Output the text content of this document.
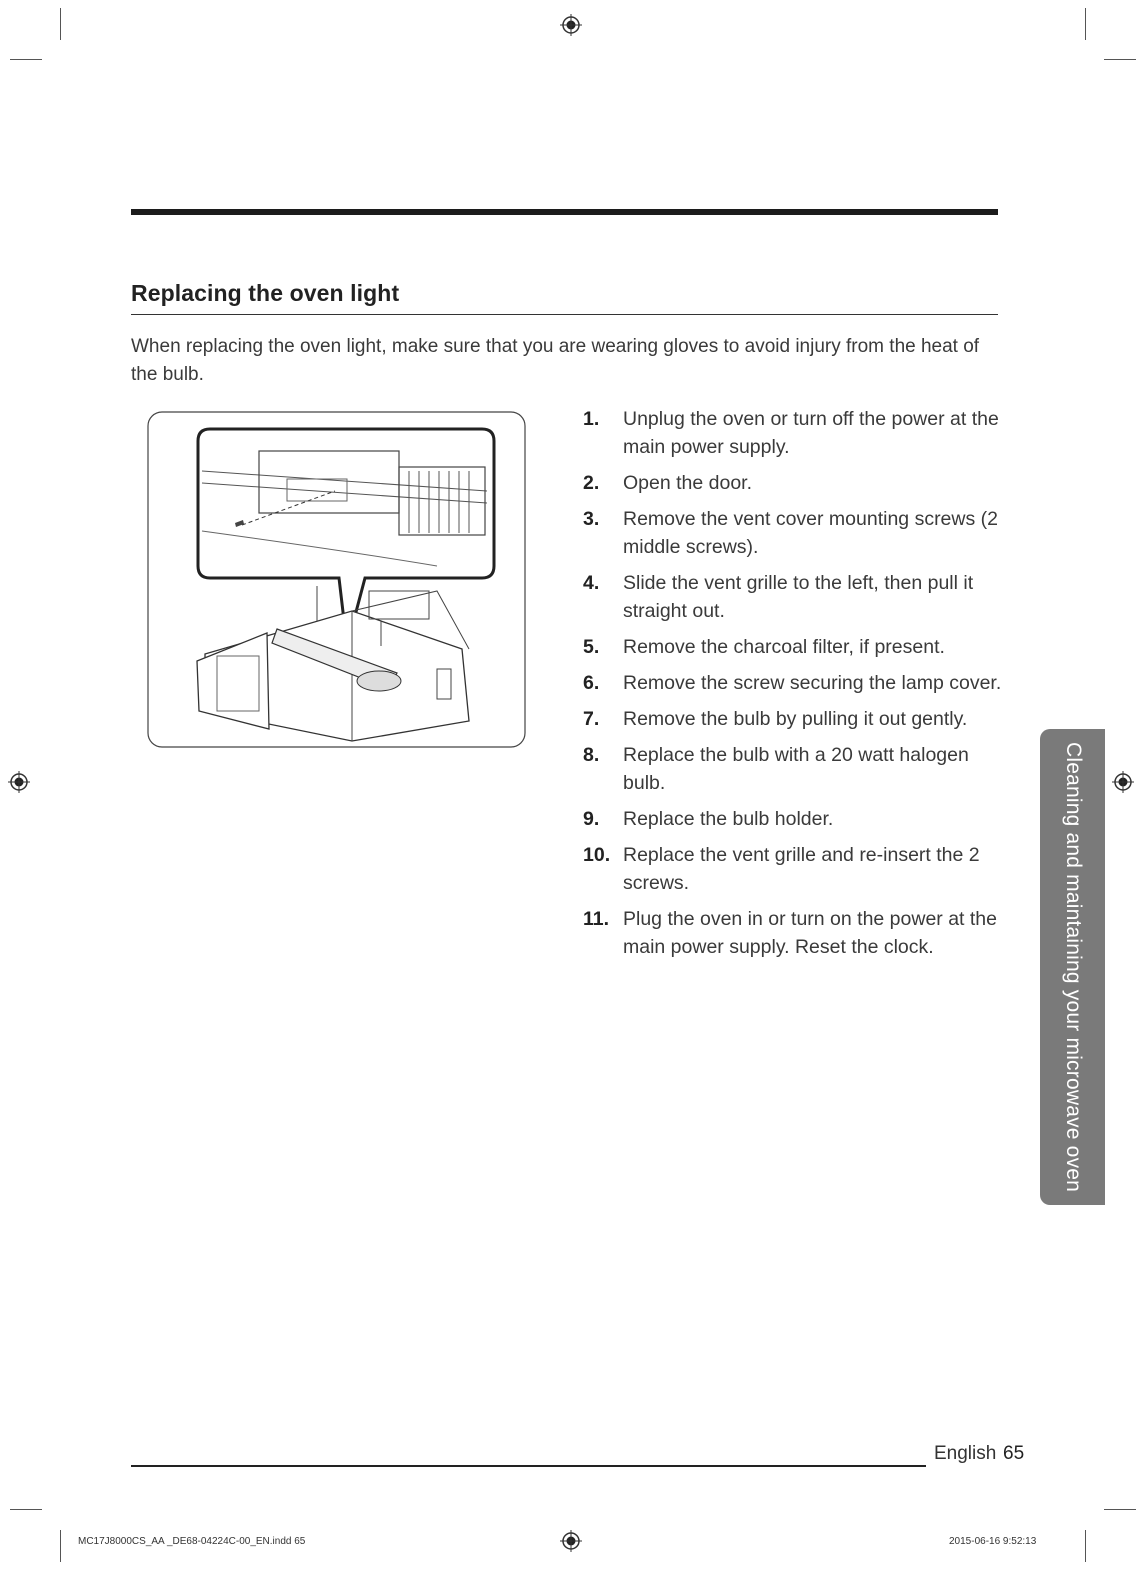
Replacing the oven light

When replacing the oven light, make sure that you are wearing gloves to avoid injury from the heat of the bulb.

1.	Unplug the oven or turn off the power at the main power supply.
2.	Open the door.
3.	Remove the vent cover mounting screws (2 middle screws).
4.	Slide the vent grille to the left, then pull it straight out.
5.	Remove the charcoal filter, if present.
6.	Remove the screw securing the lamp cover.
7.	Remove the bulb by pulling it out gently.
8.	Replace the bulb with a 20 watt halogen bulb.
9.	Replace the bulb holder.
10. Replace the vent grille and re-insert the 2 screws.
11. Plug the oven in or turn on the power at the main power supply. Reset the clock.	Cleaning and maintaining your microwave oven
English 65
MC17J8000CS_AA _DE68-04224C-00_EN.indd 65	2015-06-16 9:52:13
